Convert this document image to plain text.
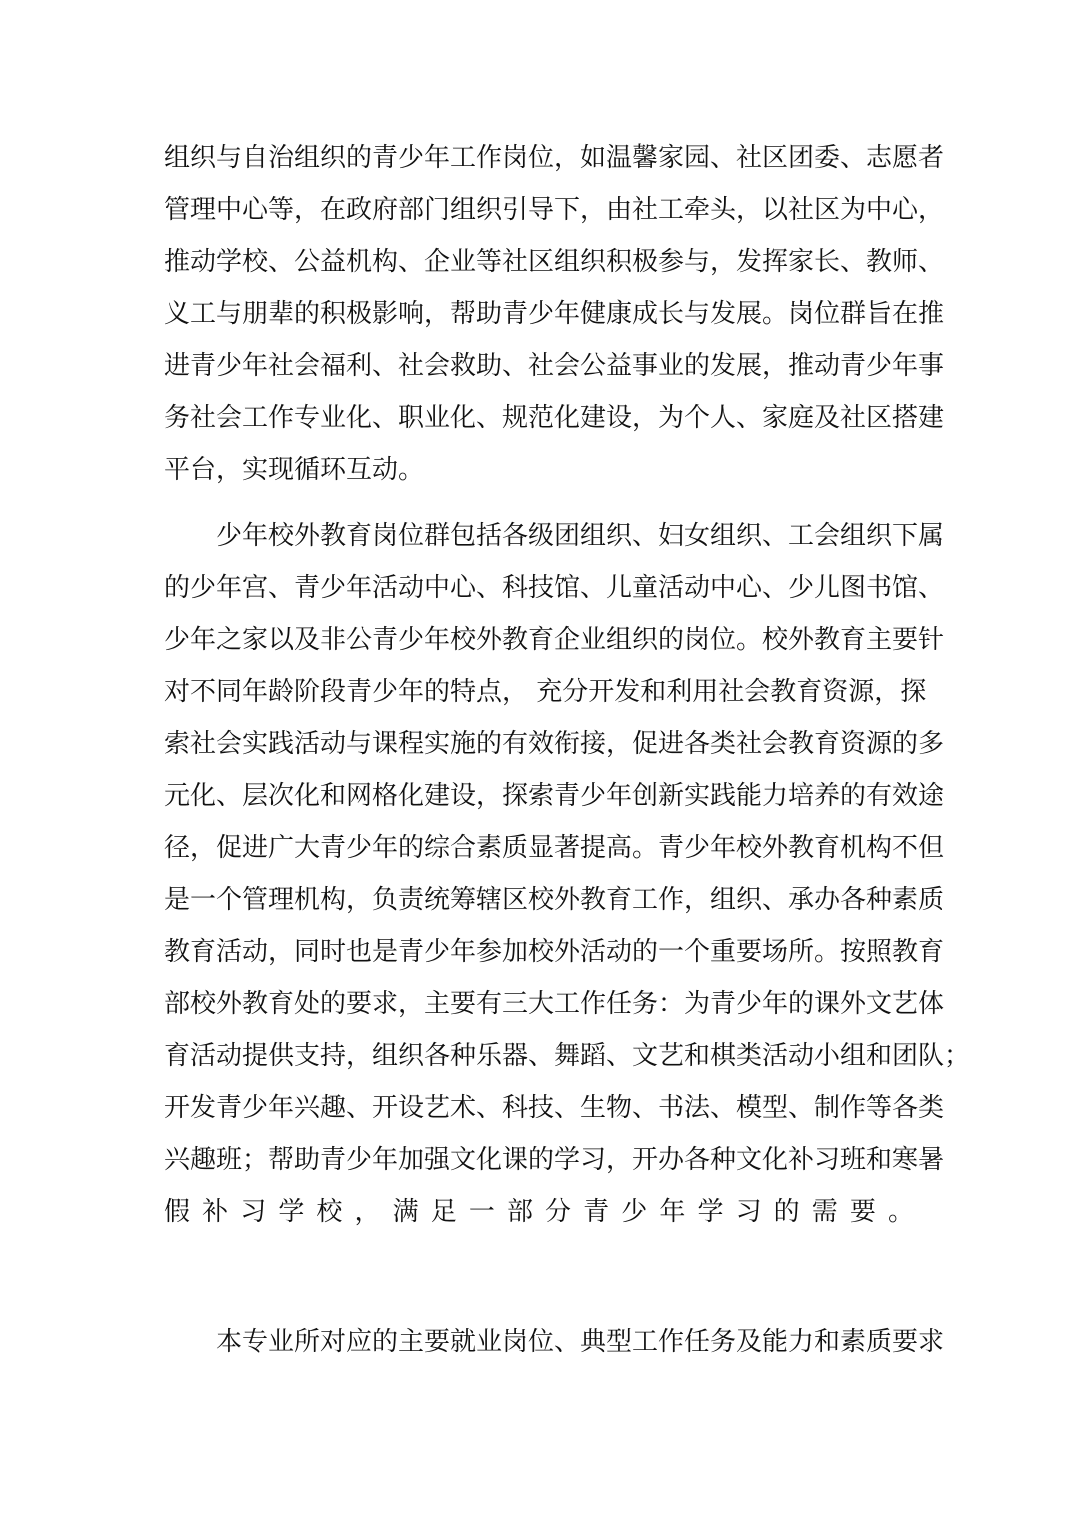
组织与自治组织的青少年工作岗位，如温馨家园、社区团委、志愿者
管理中心等，在政府部门组织引导下，由社工牵头，以社区为中心，
推动学校、公益机构、企业等社区组织积极参与，发挥家长、教师、
义工与朋辈的积极影响，帮助青少年健康成长与发展。岗位群旨在推
进青少年社会福利、社会救助、社会公益事业的发展，推动青少年事
务社会工作专业化、职业化、规范化建设，为个人、家庭及社区搭建
平台，实现循环互动。
少年校外教育岗位群包括各级团组织、妇女组织、工会组织下属
的少年宫、青少年活动中心、科技馆、儿童活动中心、少儿图书馆、
少年之家以及非公青少年校外教育企业组织的岗位。校外教育主要针
对不同年龄阶段青少年的特点， 充分开发和利用社会教育资源，探
索社会实践活动与课程实施的有效衔接，促进各类社会教育资源的多
元化、层次化和网格化建设，探索青少年创新实践能力培养的有效途
径，促进广大青少年的综合素质显著提高。青少年校外教育机构不但
是一个管理机构，负责统筹辖区校外教育工作，组织、承办各种素质
教育活动，同时也是青少年参加校外活动的一个重要场所。按照教育
部校外教育处的要求，主要有三大工作任务：为青少年的课外文艺体
育活动提供支持，组织各种乐器、舞蹈、文艺和棋类活动小组和团队；
开发青少年兴趣、开设艺术、科技、生物、书法、模型、制作等各类
兴趣班；帮助青少年加强文化课的学习，开办各种文化补习班和寒暑
假补习学校，满足一部分青少年学习的需要。
本专业所对应的主要就业岗位、典型工作任务及能力和素质要求
